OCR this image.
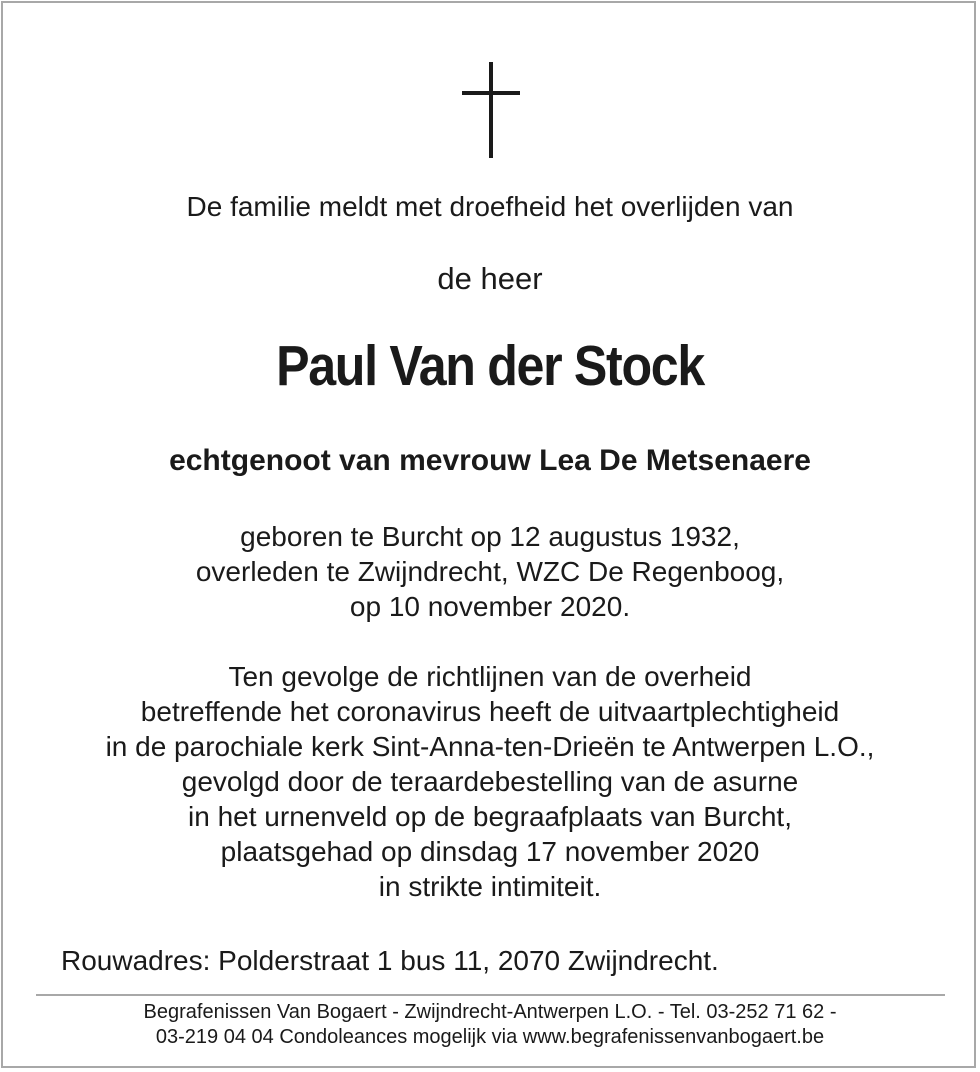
De familie meldt met droefheid het overlijden van
de heer
Paul Van der Stock
echtgenoot van mevrouw Lea De Metsenaere
geboren te Burcht op 12 augustus 1932,
overleden te Zwijndrecht, WZC De Regenboog,
op 10 november 2020.
Ten gevolge de richtlijnen van de overheid
betreffende het coronavirus heeft de uitvaartplechtigheid
in de parochiale kerk Sint-Anna-ten-Drieën te Antwerpen L.O.,
gevolgd door de teraardebestelling van de asurne
in het urnenveld op de begraafplaats van Burcht,
plaatsgehad op dinsdag 17 november 2020
in strikte intimiteit.
Rouwadres: Polderstraat 1 bus 11, 2070 Zwijndrecht.
Begrafenissen Van Bogaert - Zwijndrecht-Antwerpen L.O. - Tel. 03-252 71 62 -
03-219 04 04 Condoleances mogelijk via www.begrafenissenvanbogaert.be
